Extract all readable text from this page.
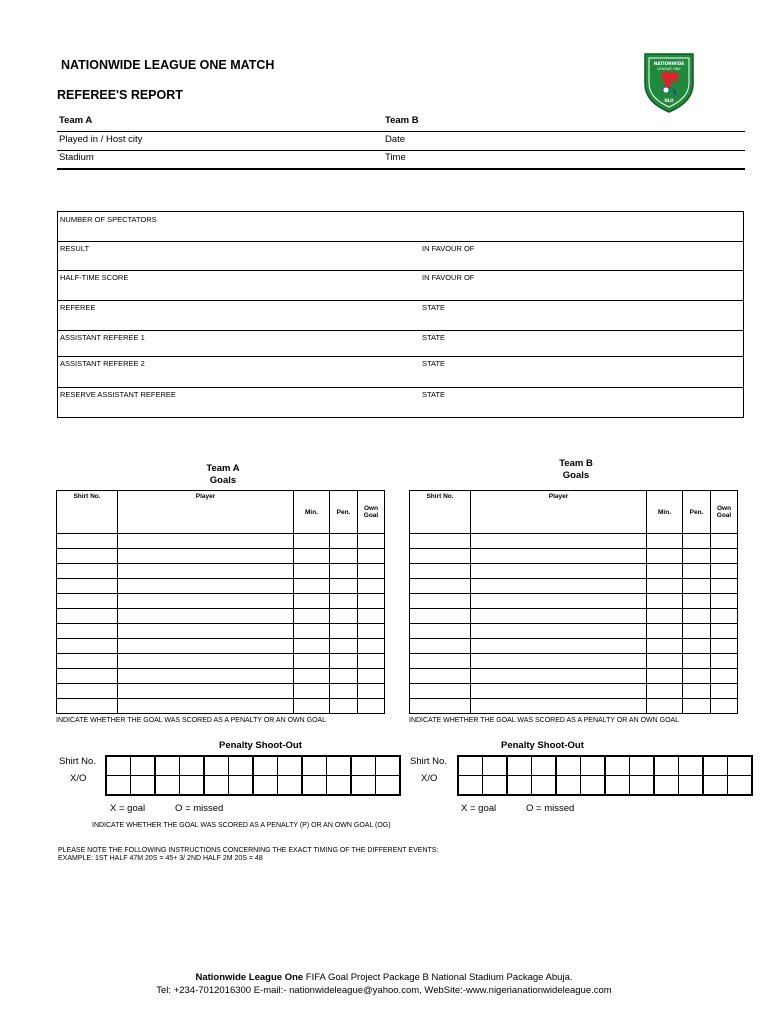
NATIONWIDE LEAGUE ONE MATCH
REFEREE'S REPORT
NATIONWIDE
LEAGUE ONE
NLO
Team A	Team B
Played in / Host city	Date
Stadium	Time
NUMBER OF SPECTATORS
RESULT	IN FAVOUR OF
HALF-TIME SCORE	IN FAVOUR OF
REFEREE	STATE
ASSISTANT REFEREE 1	STATE
ASSISTANT REFEREE 2	STATE
RESERVE ASSISTANT REFEREE	STATE
Team A
Goals
Team B
Goals
Shirt No.	Player	Min.	Pen.	Own Goal

Shirt No.	Player	Min.	Pen.	Own Goal

INDICATE WHETHER THE GOAL WAS SCORED AS A PENALTY OR AN OWN GOAL	INDICATE WHETHER THE GOAL WAS SCORED AS A PENALTY OR AN OWN GOAL
Penalty Shoot-Out
Shirt No.
X/O

X = goal	O = missed
Penalty Shoot-Out
Shirt No.
X/O

X = goal	O = missed
INDICATE WHETHER THE GOAL WAS SCORED AS A PENALTY (P) OR AN OWN GOAL (OG)
PLEASE NOTE THE FOLLOWING INSTRUCTIONS CONCERNING THE EXACT TIMING OF THE DIFFERENT EVENTS:
EXAMPLE: 1ST HALF 47M 20S = 45+ 3/ 2ND HALF 2M 20S = 48
Nationwide League One FIFA Goal Project Package B National Stadium Package Abuja.
Tel: +234-7012016300 E-mail:- nationwideleague@yahoo.com, WebSite:-www.nigerianationwideleague.com
